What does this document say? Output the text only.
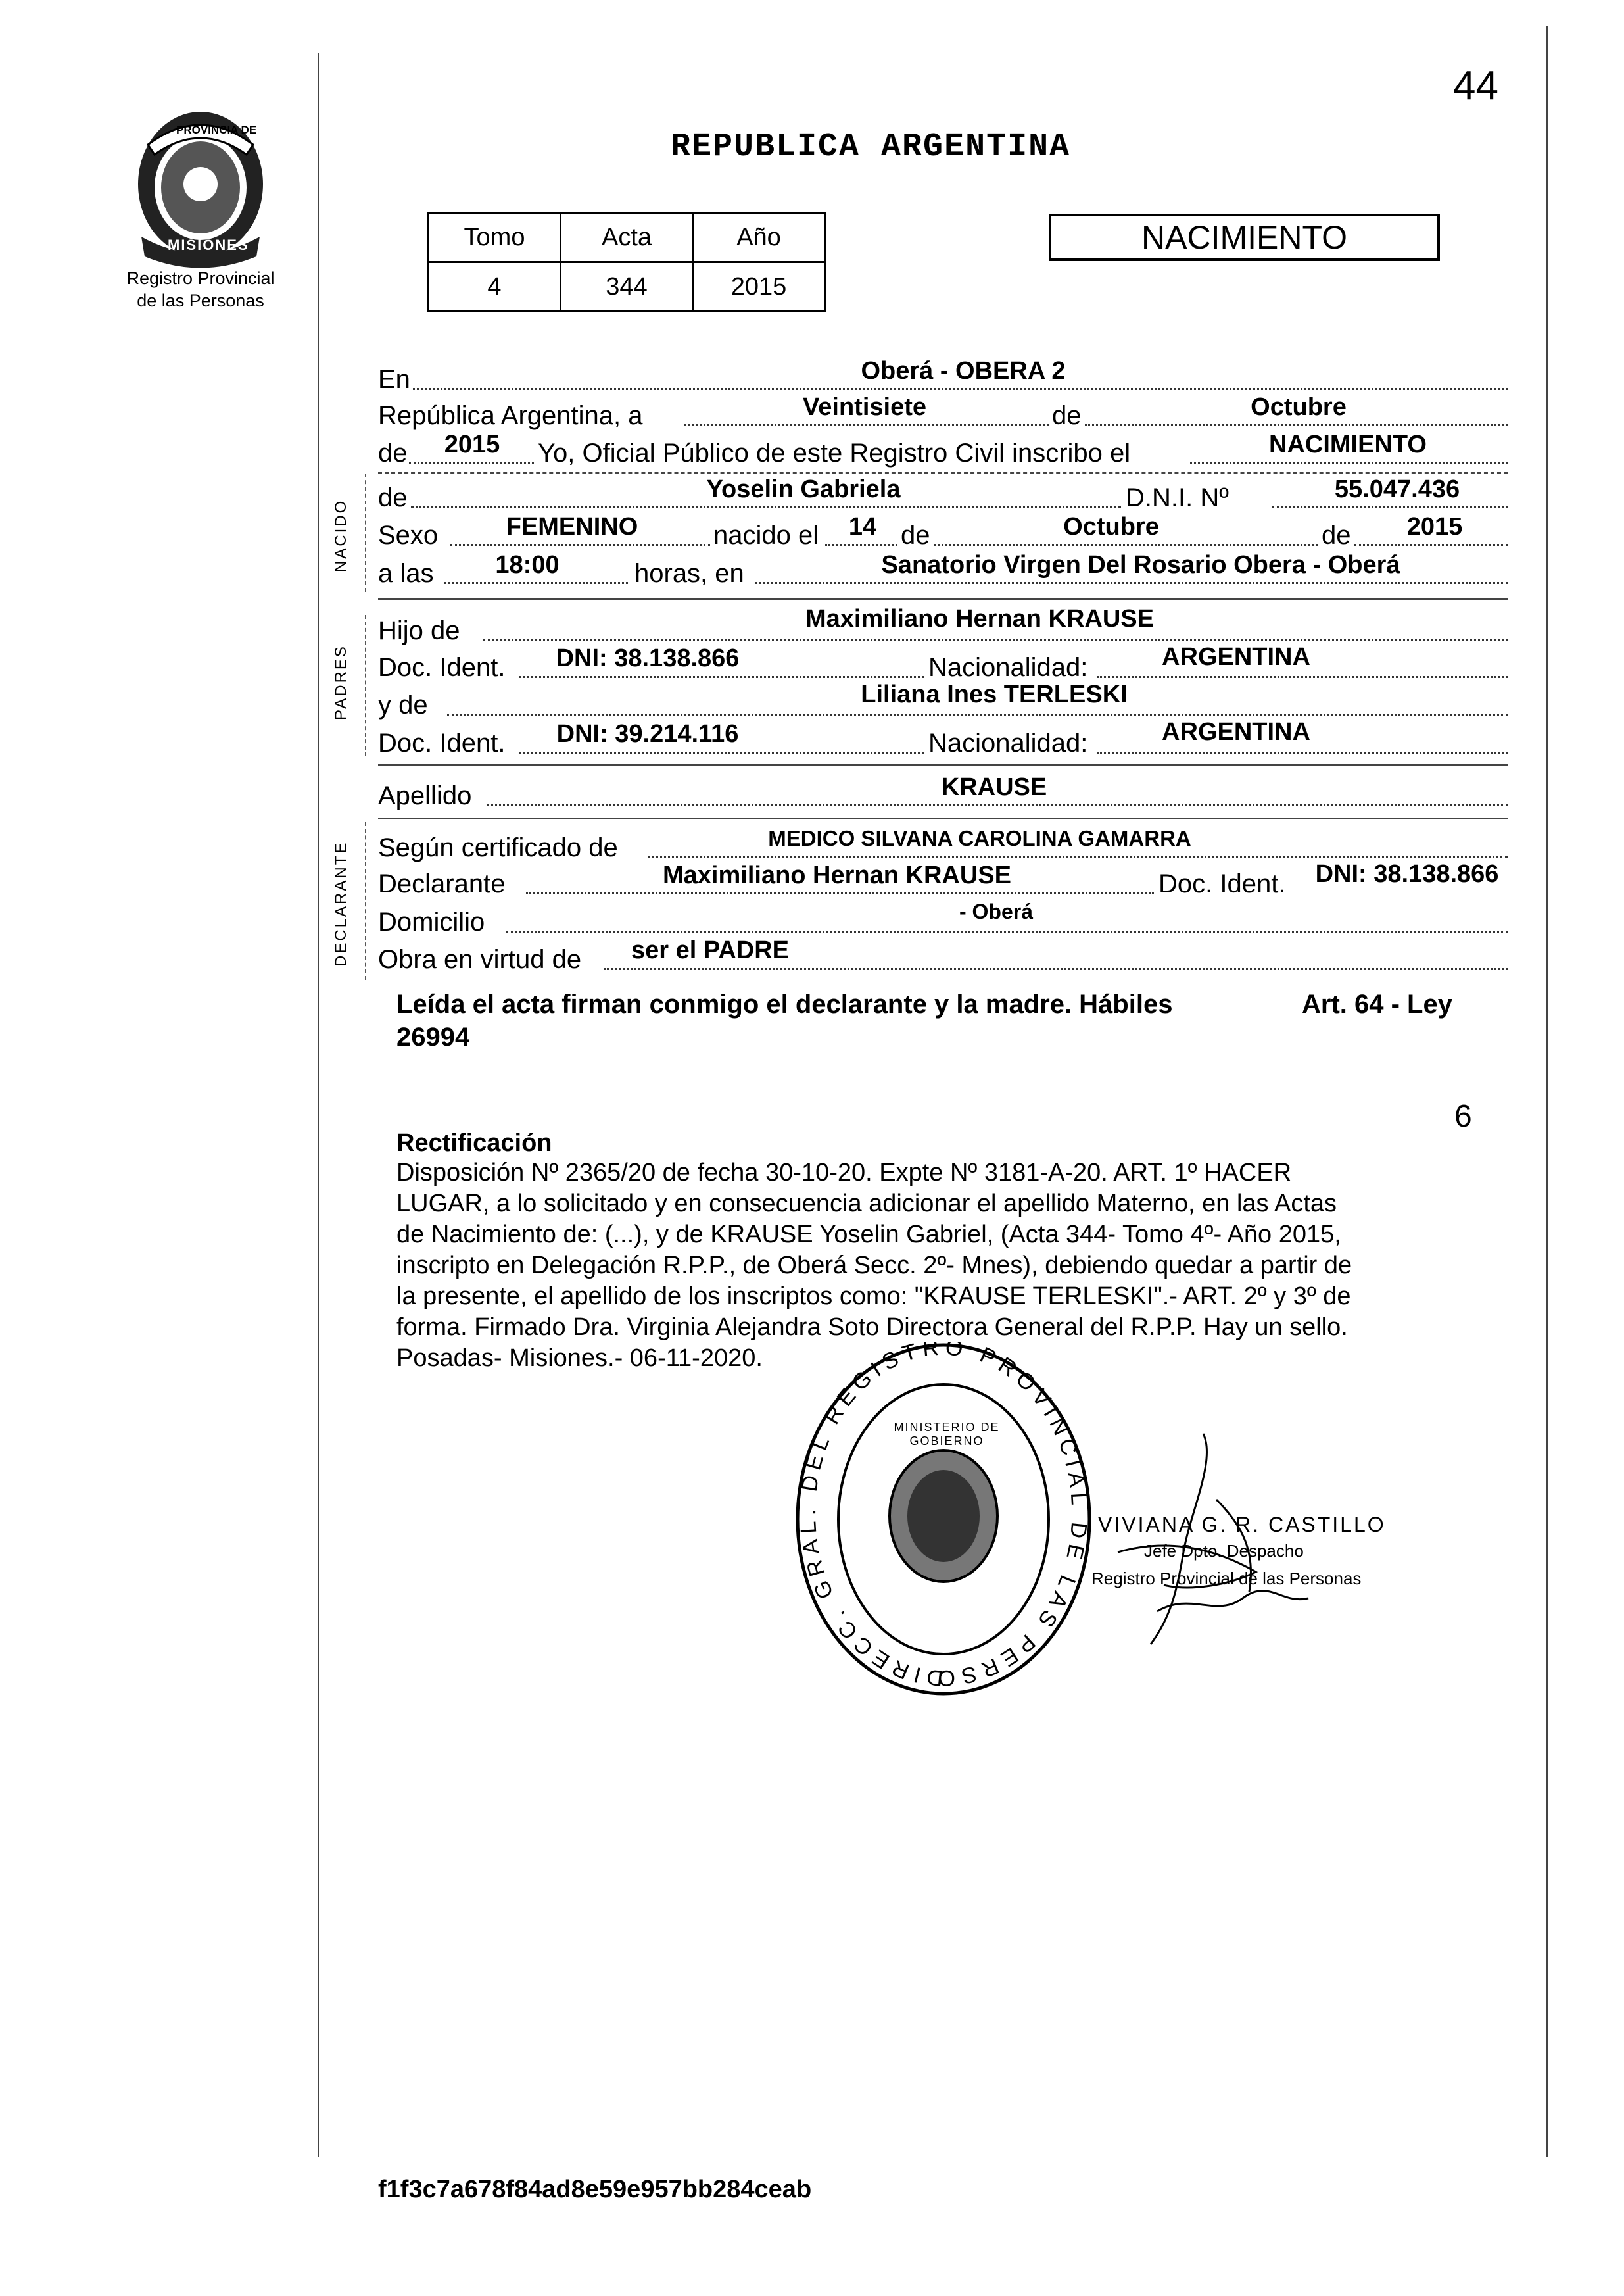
44
PROVINCIA DE
MISIONES
Registro Provincial
de las Personas
REPUBLICA ARGENTINA
Tomo	Acta	Año
4	344	2015
NACIMIENTO
NACIDO
PADRES
DECLARANTE
En	Oberá - OBERA 2
República Argentina, a	Veintisiete	de	Octubre
de 2015 Yo, Oficial Público de este Registro Civil inscribo el	NACIMIENTO
de	Yoselin Gabriela	D.N.I. Nº	55.047.436
Sexo	FEMENINO	nacido el 14 de	Octubre	de 2015
a las 18:00	horas, en	Sanatorio Virgen Del Rosario Obera - Oberá
Hijo de	Maximiliano Hernan KRAUSE
Doc. Ident. DNI: 38.138.866	Nacionalidad:	ARGENTINA
y de	Liliana Ines TERLESKI
Doc. Ident. DNI: 39.214.116	Nacionalidad:	ARGENTINA
Apellido	KRAUSE
Según certificado de	MEDICO SILVANA CAROLINA GAMARRA
Declarante	Maximiliano Hernan KRAUSE	Doc. Ident. DNI: 38.138.866
Domicilio	- Oberá
Obra en virtud de ser el PADRE
Leída el acta firman conmigo el declarante y la madre. Hábiles	Art. 64 - Ley
26994
6
Rectificación
Disposición Nº 2365/20 de fecha 30-10-20. Expte Nº 3181-A-20. ART. 1º HACER
LUGAR, a lo solicitado y en consecuencia adicionar el apellido Materno, en las Actas
de Nacimiento de: (...), y de KRAUSE Yoselin Gabriel, (Acta 344- Tomo 4º- Año 2015,
inscripto en Delegación R.P.P., de Oberá Secc. 2º- Mnes), debiendo quedar a partir de
la presente, el apellido de los inscriptos como: "KRAUSE TERLESKI".- ART. 2º y 3º de
forma. Firmado Dra. Virginia Alejandra Soto Directora General del R.P.P. Hay un sello.
Posadas- Misiones.- 06-11-2020.
DIRECC. GRAL. DEL REGISTRO PROVINCIAL DE LAS PERSO
MINISTERIO DE GOBIERNO
VIVIANA G. R. CASTILLO
Jefe Dpto. Despacho
Registro Provincial de las Personas
f1f3c7a678f84ad8e59e957bb284ceab
